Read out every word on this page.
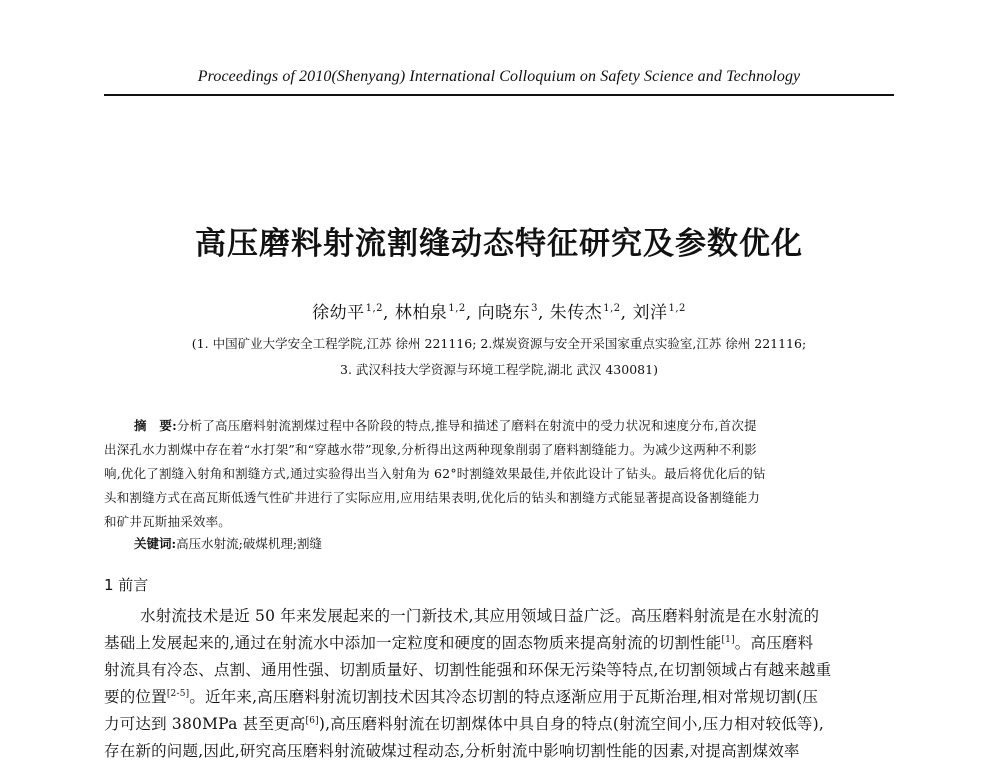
Proceedings of 2010(Shenyang) International Colloquium on Safety Science and Technology
高压磨料射流割缝动态特征研究及参数优化
徐幼平$^{1,2}$, 林柏泉$^{1,2}$, 向晓东$^3$, 朱传杰$^{1,2}$, 刘洋$^{1,2}$
(1. 中国矿业大学安全工程学院,江苏 徐州 221116; 2.煤炭资源与安全开采国家重点实验室,江苏 徐州 221116;
3. 武汉科技大学资源与环境工程学院,湖北 武汉 430081)
摘　要:分析了高压磨料射流割煤过程中各阶段的特点,推导和描述了磨料在射流中的受力状况和速度分布,首次提
出深孔水力割煤中存在着“水打架”和“穿越水带”现象,分析得出这两种现象削弱了磨料割缝能力。为减少这两种不利影
响,优化了割缝入射角和割缝方式,通过实验得出当入射角为 62°时割缝效果最佳,并依此设计了钻头。最后将优化后的钻
头和割缝方式在高瓦斯低透气性矿井进行了实际应用,应用结果表明,优化后的钻头和割缝方式能显著提高设备割缝能力
和矿井瓦斯抽采效率。
关键词:高压水射流;破煤机理;割缝
1 前言
水射流技术是近 50 年来发展起来的一门新技术,其应用领域日益广泛。高压磨料射流是在水射流的
基础上发展起来的,通过在射流水中添加一定粒度和硬度的固态物质来提高射流的切割性能[1]。高压磨料
射流具有冷态、点割、通用性强、切割质量好、切割性能强和环保无污染等特点,在切割领域占有越来越重
要的位置[2-5]。近年来,高压磨料射流切割技术因其冷态切割的特点逐渐应用于瓦斯治理,相对常规切割(压
力可达到 380MPa 甚至更高[6]),高压磨料射流在切割煤体中具自身的特点(射流空间小,压力相对较低等),
存在新的问题,因此,研究高压磨料射流破煤过程动态,分析射流中影响切割性能的因素,对提高割煤效率
